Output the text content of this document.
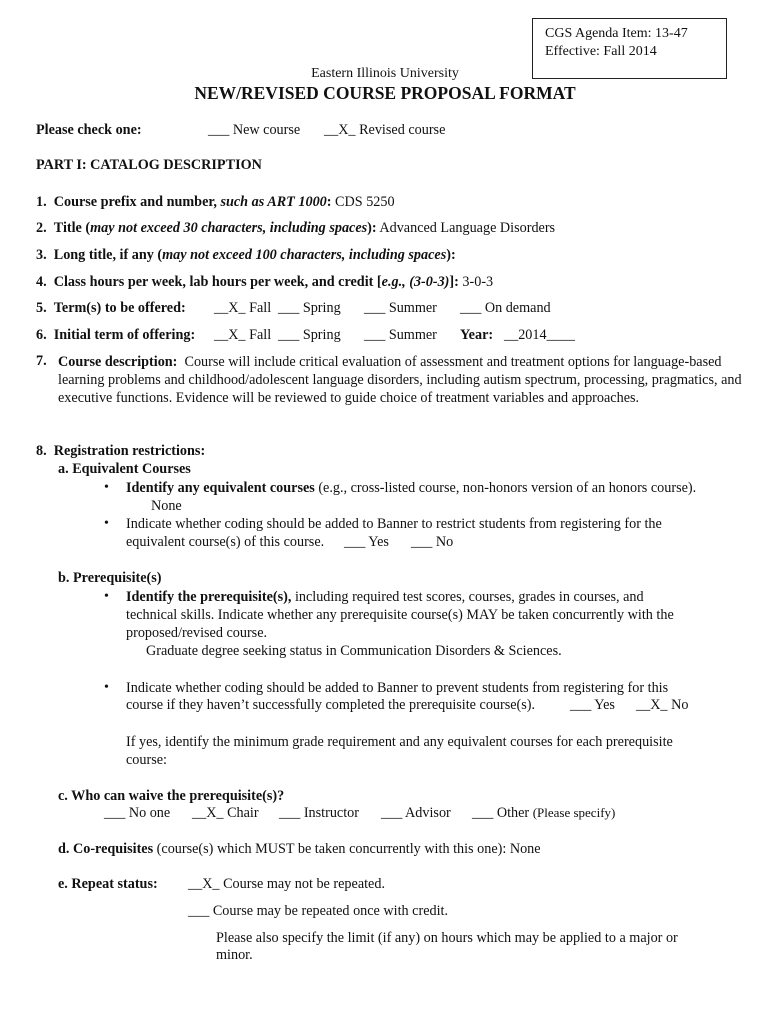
CGS Agenda Item: 13-47
Effective: Fall 2014
Eastern Illinois University
NEW/REVISED COURSE PROPOSAL FORMAT
Please check one:	___ New course __X_ Revised course
PART I: CATALOG DESCRIPTION
1. Course prefix and number, such as ART 1000: CDS 5250
2. Title (may not exceed 30 characters, including spaces): Advanced Language Disorders
3. Long title, if any (may not exceed 100 characters, including spaces):
4. Class hours per week, lab hours per week, and credit [e.g., (3-0-3)]: 3-0-3
5. Term(s) to be offered: __X_ Fall ___ Spring ___ Summer ___ On demand
6. Initial term of offering: __X_ Fall ___ Spring ___ Summer Year: __2014____
7. Course description: Course will include critical evaluation of assessment and treatment options for language-based learning problems and childhood/adolescent language disorders, including autism spectrum, processing, pragmatics, and executive functions. Evidence will be reviewed to guide choice of treatment variables and approaches.
8. Registration restrictions:
a. Equivalent Courses
• Identify any equivalent courses (e.g., cross-listed course, non-honors version of an honors course).
None
• Indicate whether coding should be added to Banner to restrict students from registering for the
equivalent course(s) of this course. ___ Yes ___ No
b. Prerequisite(s)
• Identify the prerequisite(s), including required test scores, courses, grades in courses, and
technical skills. Indicate whether any prerequisite course(s) MAY be taken concurrently with the
proposed/revised course.
Graduate degree seeking status in Communication Disorders & Sciences.
• Indicate whether coding should be added to Banner to prevent students from registering for this
course if they haven’t successfully completed the prerequisite course(s). ___ Yes __X_ No
If yes, identify the minimum grade requirement and any equivalent courses for each prerequisite
course:
c. Who can waive the prerequisite(s)?
___ No one __X_ Chair ___ Instructor ___ Advisor ___ Other (Please specify)
d. Co-requisites (course(s) which MUST be taken concurrently with this one): None
e. Repeat status: __X_ Course may not be repeated.
___ Course may be repeated once with credit.
Please also specify the limit (if any) on hours which may be applied to a major or
minor.
